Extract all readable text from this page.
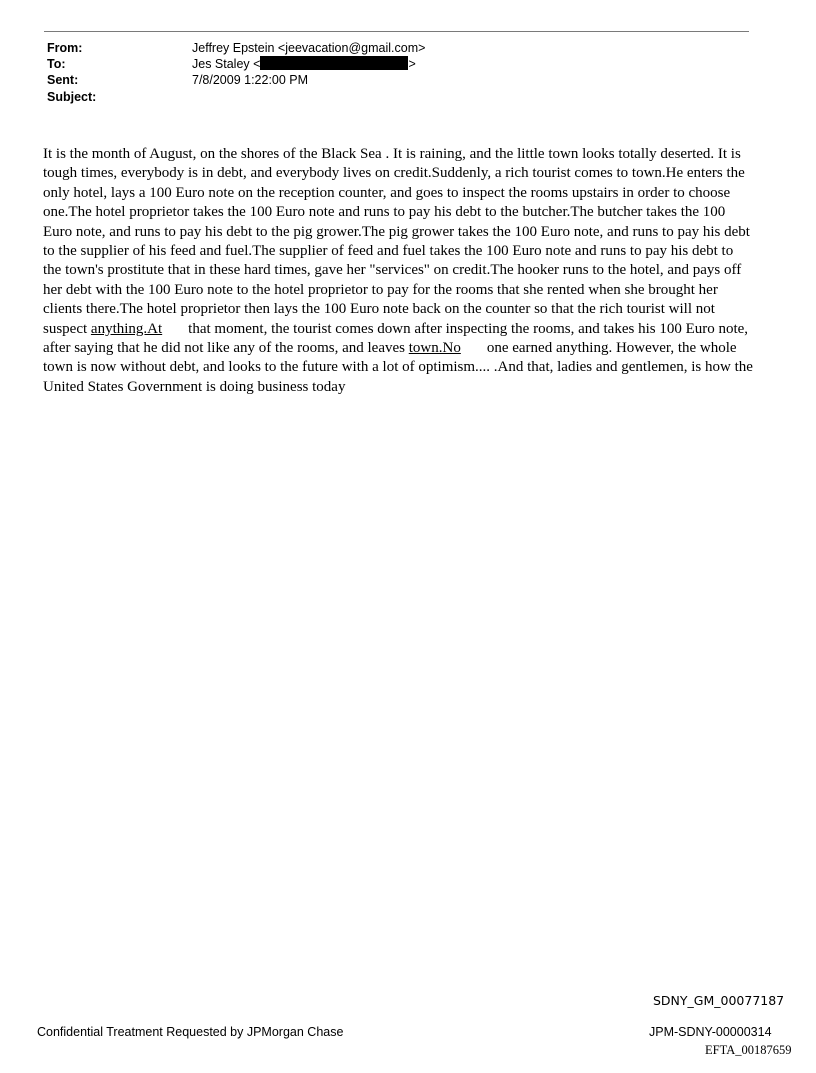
From:	Jeffrey Epstein <jeevacation@gmail.com>
To:	Jes Staley <	>
Sent:	7/8/2009 1:22:00 PM
Subject:

It is the month of August, on the shores of the Black Sea . It is raining, and the little town looks totally deserted. It is tough times, everybody is in debt, and everybody lives on credit.Suddenly, a rich tourist comes to town.He enters the only hotel, lays a 100 Euro note on the reception counter, and goes to inspect the rooms upstairs in order to choose one.The hotel proprietor takes the 100 Euro note and runs to pay his debt to the butcher.The butcher takes the 100 Euro note, and runs to pay his debt to the pig grower.The pig grower takes the 100 Euro note, and runs to pay his debt to the supplier of his feed and fuel.The supplier of feed and fuel takes the 100 Euro note and runs to pay his debt to the town's prostitute that in these hard times, gave her "services" on credit.The hooker runs to the hotel, and pays off her debt with the 100 Euro note to the hotel proprietor to pay for the rooms that she rented when she brought her clients there.The hotel proprietor then lays the 100 Euro note back on the counter so that the rich tourist will not suspect anything.At that moment, the tourist comes down after inspecting the rooms, and takes his 100 Euro note, after saying that he did not like any of the rooms, and leaves town.No one earned anything. However, the whole town is now without debt, and looks to the future with a lot of optimism.... .And that, ladies and gentlemen, is how the United States Government is doing business today

SDNY_GM_00077187
Confidential Treatment Requested by JPMorgan Chase	JPM-SDNY-00000314
EFTA_00187659
